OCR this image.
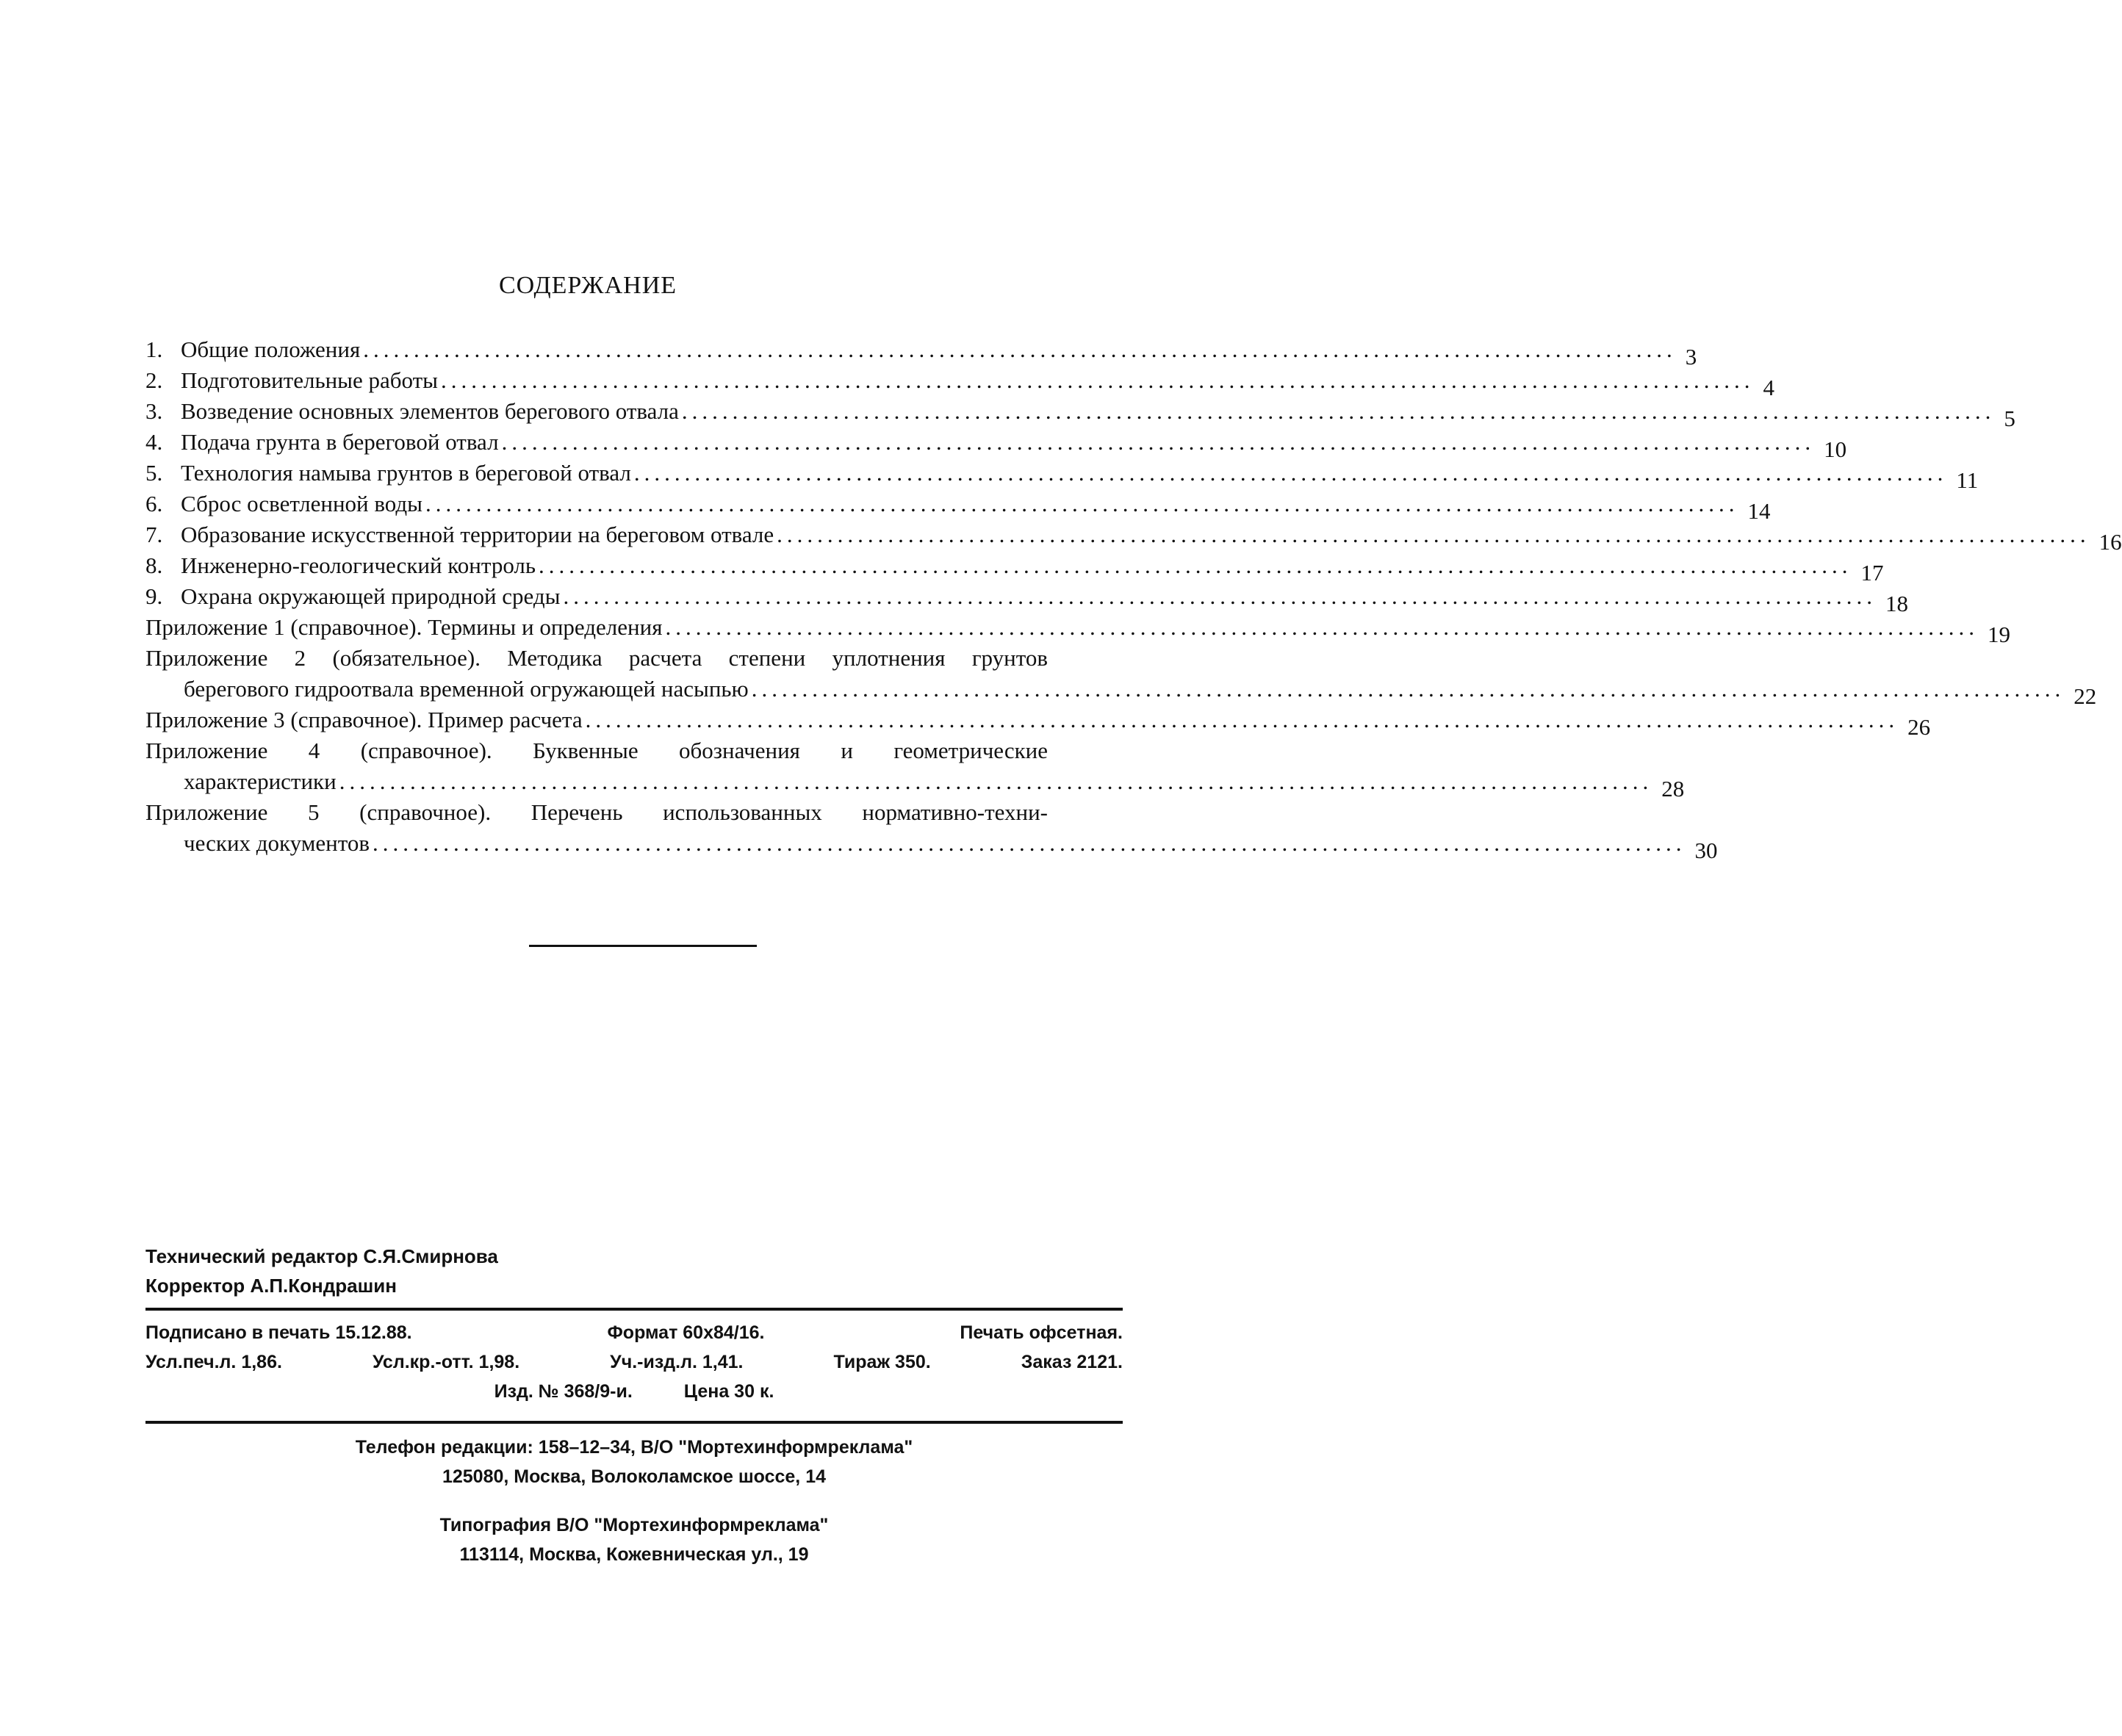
СОДЕРЖАНИЕ
1. Общие положения .................................................................................................................................. 3
2. Подготовительные работы .................................................................................................................................. 4
3. Возведение основных элементов берегового отвала .................................................................................................................................. 5
4. Подача грунта в береговой отвал .................................................................................................................................. 10
5. Технология намыва грунтов в береговой отвал .................................................................................................................................. 11
6. Сброс осветленной воды .................................................................................................................................. 14
7. Образование искусственной территории на береговом отвале .................................................................................................................................. 16
8. Инженерно-геологический контроль .................................................................................................................................. 17
9. Охрана окружающей природной среды .................................................................................................................................. 18
Приложение 1 (справочное). Термины и определения .................................................................................................................................. 19
Приложение 2 (обязательное). Методика расчета степени уплотнения грунтов
берегового гидроотвала временной огружающей насыпью .................................................................................................................................. 22
Приложение 3 (справочное). Пример расчета .................................................................................................................................. 26
Приложение 4 (справочное). Буквенные обозначения и геометрические
характеристики .................................................................................................................................. 28
Приложение 5 (справочное). Перечень использованных нормативно-техни-
ческих документов .................................................................................................................................. 30
Технический редактор С.Я.Смирнова
Корректор А.П.Кондрашин
Подписано в печать 15.12.88.	Формат 60х84/16.	Печать офсетная.
Усл.печ.л. 1,86.	Усл.кр.-отт. 1,98.	Уч.-изд.л. 1,41.	Тираж 350.	Заказ 2121.
Изд. № 368/9-и.	Цена 30 к.
Телефон редакции: 158–12–34, В/О "Мортехинформреклама"
125080, Москва, Волоколамское шоссе, 14
Типография В/О "Мортехинформреклама"
113114, Москва, Кожевническая ул., 19
